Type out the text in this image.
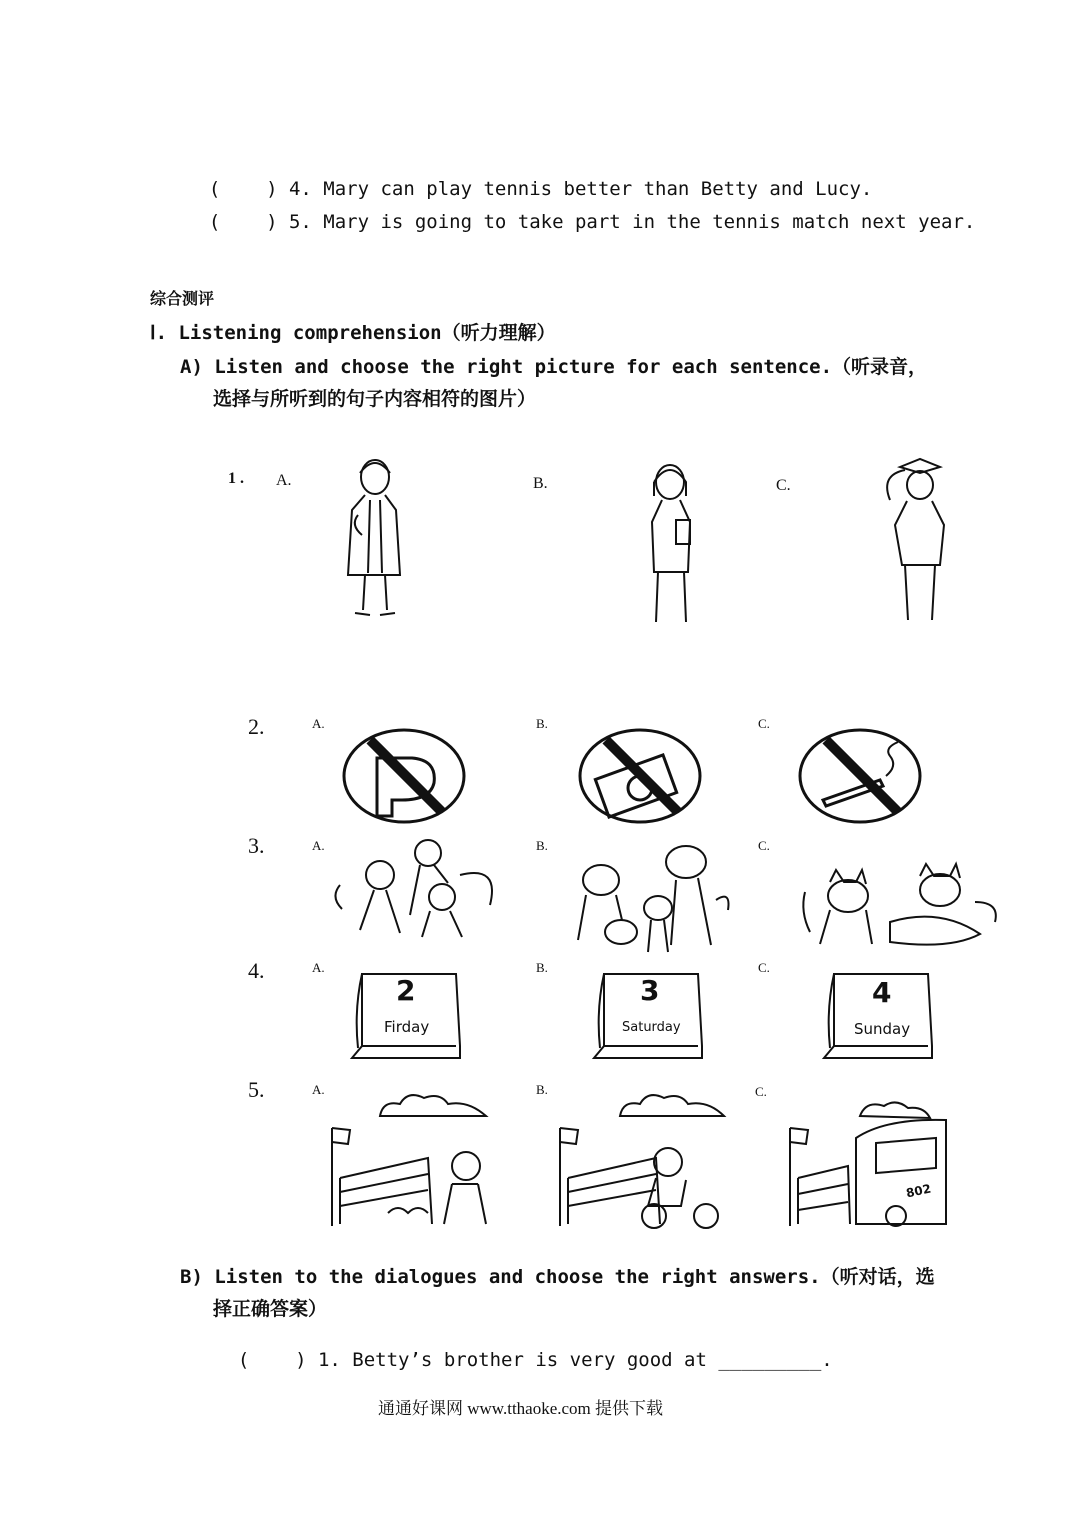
(    ) 4. Mary can play tennis better than Betty and Lucy.

(    ) 5. Mary is going to take part in the tennis match next year.

综合测评
Ⅰ. Listening comprehension（听力理解）
A) Listen and choose the right picture for each sentence.（听录音，
选择与所听到的句子内容相符的图片）
1 . A.	B.	C.
2.	A.	B.	C.
3.	A.	B.	C.
4.	A.	B.	C.
2
Firday
3
Saturday
4
Sunday
5.	A.	B.	C.
802
B) Listen to the dialogues and choose the right answers.（听对话，选
择正确答案）

(    ) 1. Betty’s brother is very good at _________.

通通好课网 www.tthaoke.com 提供下载
